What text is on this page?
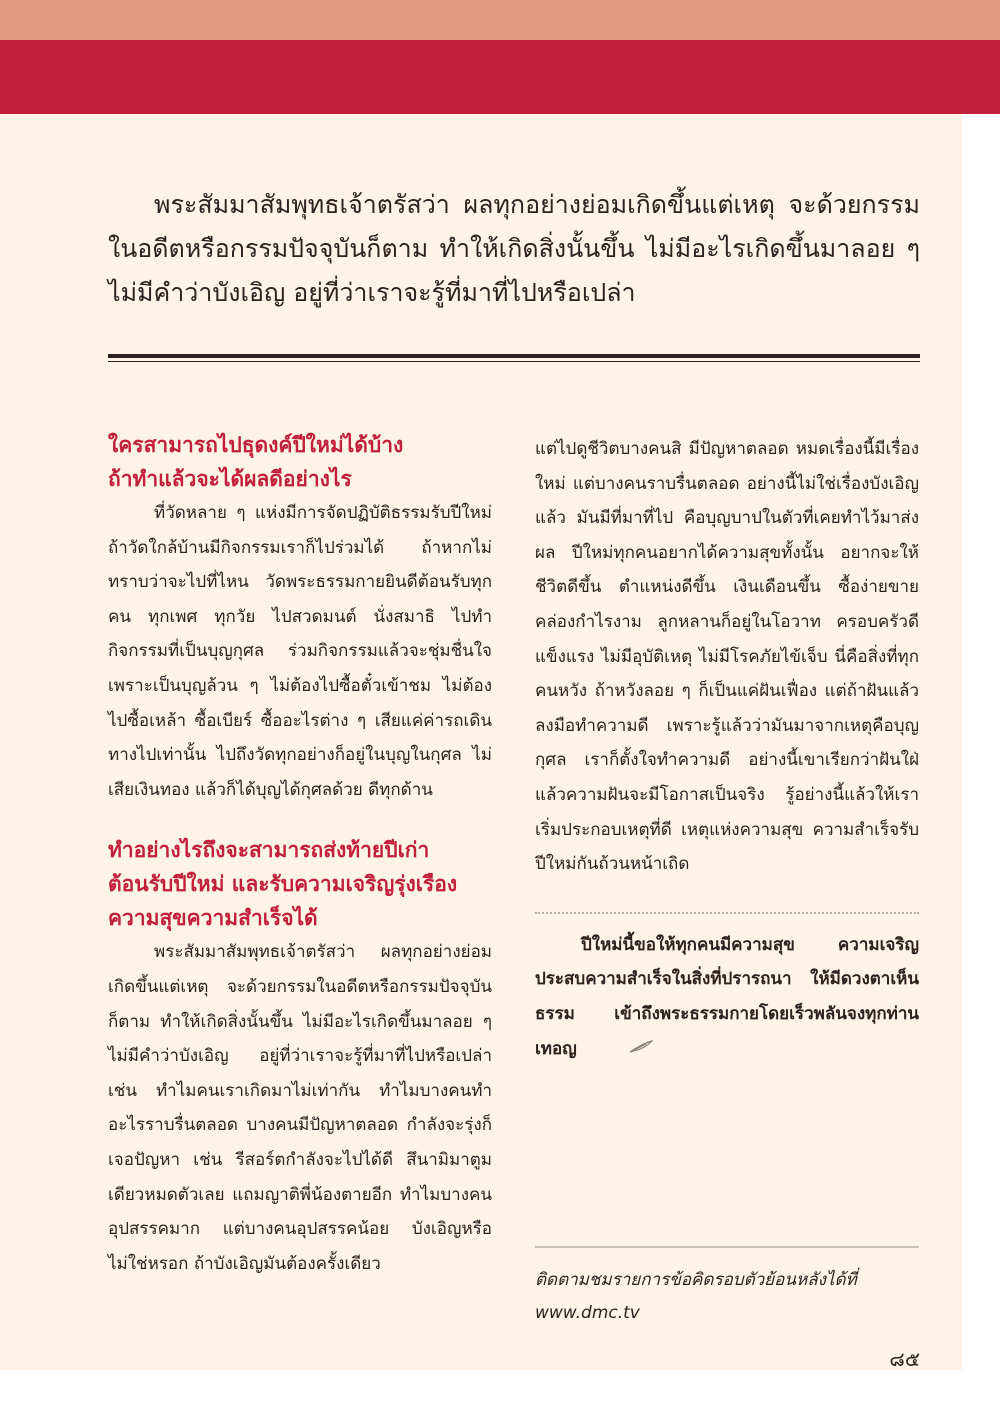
พระสัมมาสัมพุทธเจ้าตรัสว่า ผลทุกอย่างย่อมเกิดขึ้นแต่เหตุ จะด้วยกรรมในอดีตหรือกรรมปัจจุบันก็ตาม ทำให้เกิดสิ่งนั้นขึ้น ไม่มีอะไรเกิดขึ้นมาลอย ๆ ไม่มีคำว่าบังเอิญ อยู่ที่ว่าเราจะรู้ที่มาที่ไปหรือเปล่า

ใครสามารถไปธุดงค์ปีใหม่ได้บ้าง
ถ้าทำแล้วจะได้ผลดีอย่างไร

ที่วัดหลาย ๆ แห่งมีการจัดปฏิบัติธรรมรับปีใหม่ ถ้าวัดใกล้บ้านมีกิจกรรมเราก็ไปร่วมได้ ถ้าหากไม่ทราบว่าจะไปที่ไหน วัดพระธรรมกายยินดีต้อนรับทุกคน ทุกเพศ ทุกวัย ไปสวดมนต์ นั่งสมาธิ ไปทำกิจกรรมที่เป็นบุญกุศล ร่วมกิจกรรมแล้วจะชุ่มชื่นใจ เพราะเป็นบุญล้วน ๆ ไม่ต้องไปซื้อตั๋วเข้าชม ไม่ต้องไปซื้อเหล้า ซื้อเบียร์ ซื้ออะไรต่าง ๆ เสียแค่ค่ารถเดินทางไปเท่านั้น ไปถึงวัดทุกอย่างก็อยู่ในบุญในกุศล ไม่เสียเงินทอง แล้วก็ได้บุญได้กุศลด้วย ดีทุกด้าน

ทำอย่างไรถึงจะสามารถส่งท้ายปีเก่า
ต้อนรับปีใหม่ และรับความเจริญรุ่งเรือง
ความสุขความสำเร็จได้

พระสัมมาสัมพุทธเจ้าตรัสว่า ผลทุกอย่างย่อมเกิดขึ้นแต่เหตุ จะด้วยกรรมในอดีตหรือกรรมปัจจุบันก็ตาม ทำให้เกิดสิ่งนั้นขึ้น ไม่มีอะไรเกิดขึ้นมาลอย ๆ ไม่มีคำว่าบังเอิญ อยู่ที่ว่าเราจะรู้ที่มาที่ไปหรือเปล่า เช่น ทำไมคนเราเกิดมาไม่เท่ากัน ทำไมบางคนทำอะไรราบรื่นตลอด บางคนมีปัญหาตลอด กำลังจะรุ่งก็เจอปัญหา เช่น รีสอร์ตกำลังจะไปได้ดี สึนามิมาตูมเดียวหมดตัวเลย แถมญาติพี่น้องตายอีก ทำไมบางคนอุปสรรคมาก แต่บางคนอุปสรรคน้อย บังเอิญหรือ ไม่ใช่หรอก ถ้าบังเอิญมันต้องครั้งเดียว

แต่ไปดูชีวิตบางคนสิ มีปัญหาตลอด หมดเรื่องนี้มีเรื่องใหม่ แต่บางคนราบรื่นตลอด อย่างนี้ไม่ใช่เรื่องบังเอิญแล้ว มันมีที่มาที่ไป คือบุญบาปในตัวที่เคยทำไว้มาส่งผล ปีใหม่ทุกคนอยากได้ความสุขทั้งนั้น อยากจะให้ชีวิตดีขึ้น ตำแหน่งดีขึ้น เงินเดือนขึ้น ซื้อง่ายขายคล่องกำไรงาม ลูกหลานก็อยู่ในโอวาท ครอบครัวดี แข็งแรง ไม่มีอุบัติเหตุ ไม่มีโรคภัยไข้เจ็บ นี่คือสิ่งที่ทุกคนหวัง ถ้าหวังลอย ๆ ก็เป็นแค่ฝันเฟื่อง แต่ถ้าฝันแล้วลงมือทำความดี เพราะรู้แล้วว่ามันมาจากเหตุคือบุญกุศล เราก็ตั้งใจทำความดี อย่างนี้เขาเรียกว่าฝันใฝ่ แล้วความฝันจะมีโอกาสเป็นจริง รู้อย่างนี้แล้วให้เราเริ่มประกอบเหตุที่ดี เหตุแห่งความสุข ความสำเร็จรับปีใหม่กันถ้วนหน้าเถิด

ปีใหม่นี้ขอให้ทุกคนมีความสุข ความเจริญประสบความสำเร็จในสิ่งที่ปรารถนา ให้มีดวงตาเห็นธรรม เข้าถึงพระธรรมกายโดยเร็วพลันจงทุกท่านเทอญ

ติดตามชมรายการข้อคิดรอบตัวย้อนหลังได้ที่
www.dmc.tv

๘๕
